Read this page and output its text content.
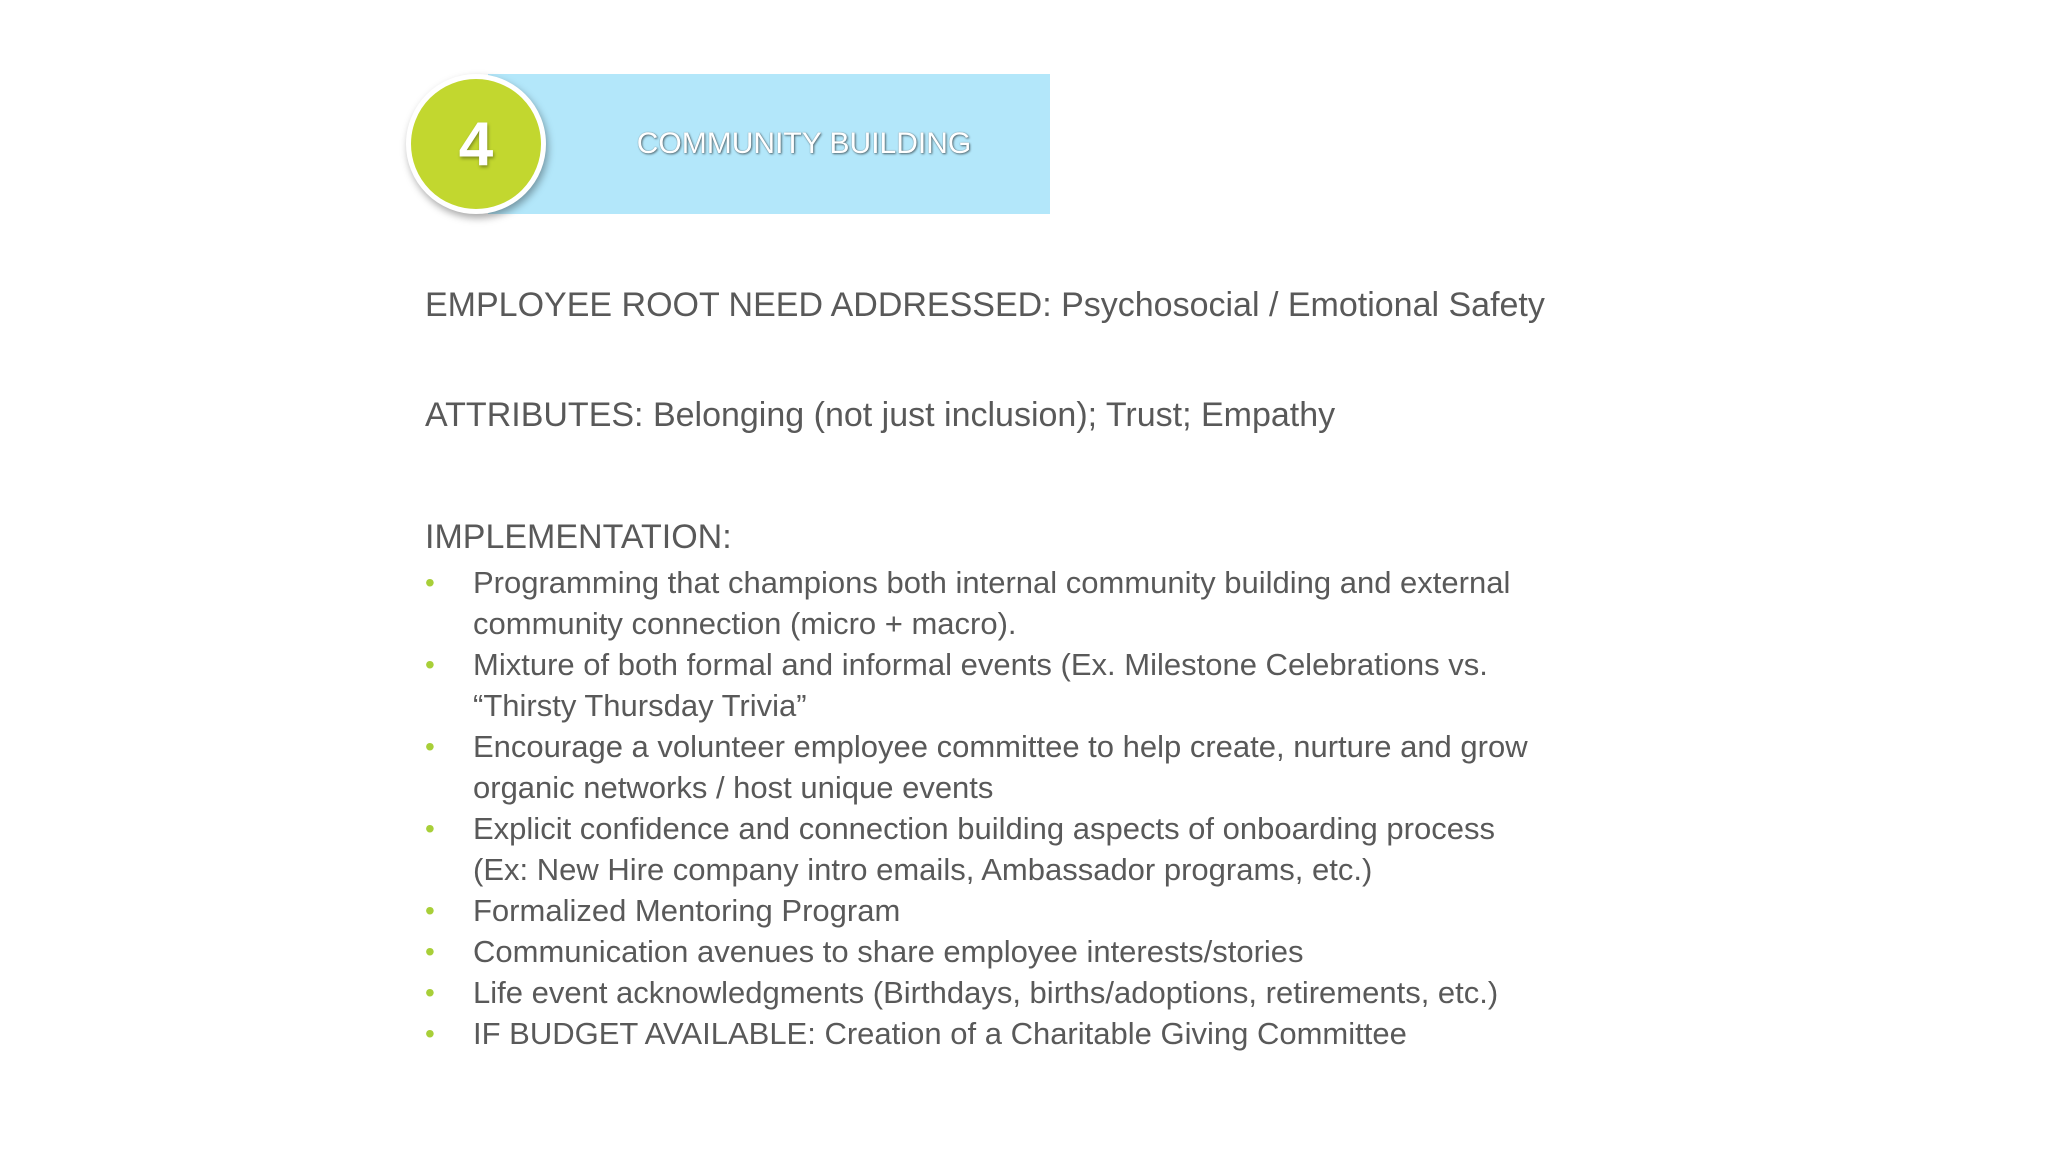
COMMUNITY BUILDING
4
EMPLOYEE ROOT NEED ADDRESSED: Psychosocial / Emotional Safety
ATTRIBUTES: Belonging (not just inclusion); Trust; Empathy
IMPLEMENTATION:
• Programming that champions both internal community building and external
community connection (micro + macro).
• Mixture of both formal and informal events (Ex. Milestone Celebrations vs.
“Thirsty Thursday Trivia”
• Encourage a volunteer employee committee to help create, nurture and grow
organic networks / host unique events
• Explicit confidence and connection building aspects of onboarding process
(Ex: New Hire company intro emails, Ambassador programs, etc.)
• Formalized Mentoring Program
• Communication avenues to share employee interests/stories
• Life event acknowledgments (Birthdays, births/adoptions, retirements, etc.)
• IF BUDGET AVAILABLE: Creation of a Charitable Giving Committee
